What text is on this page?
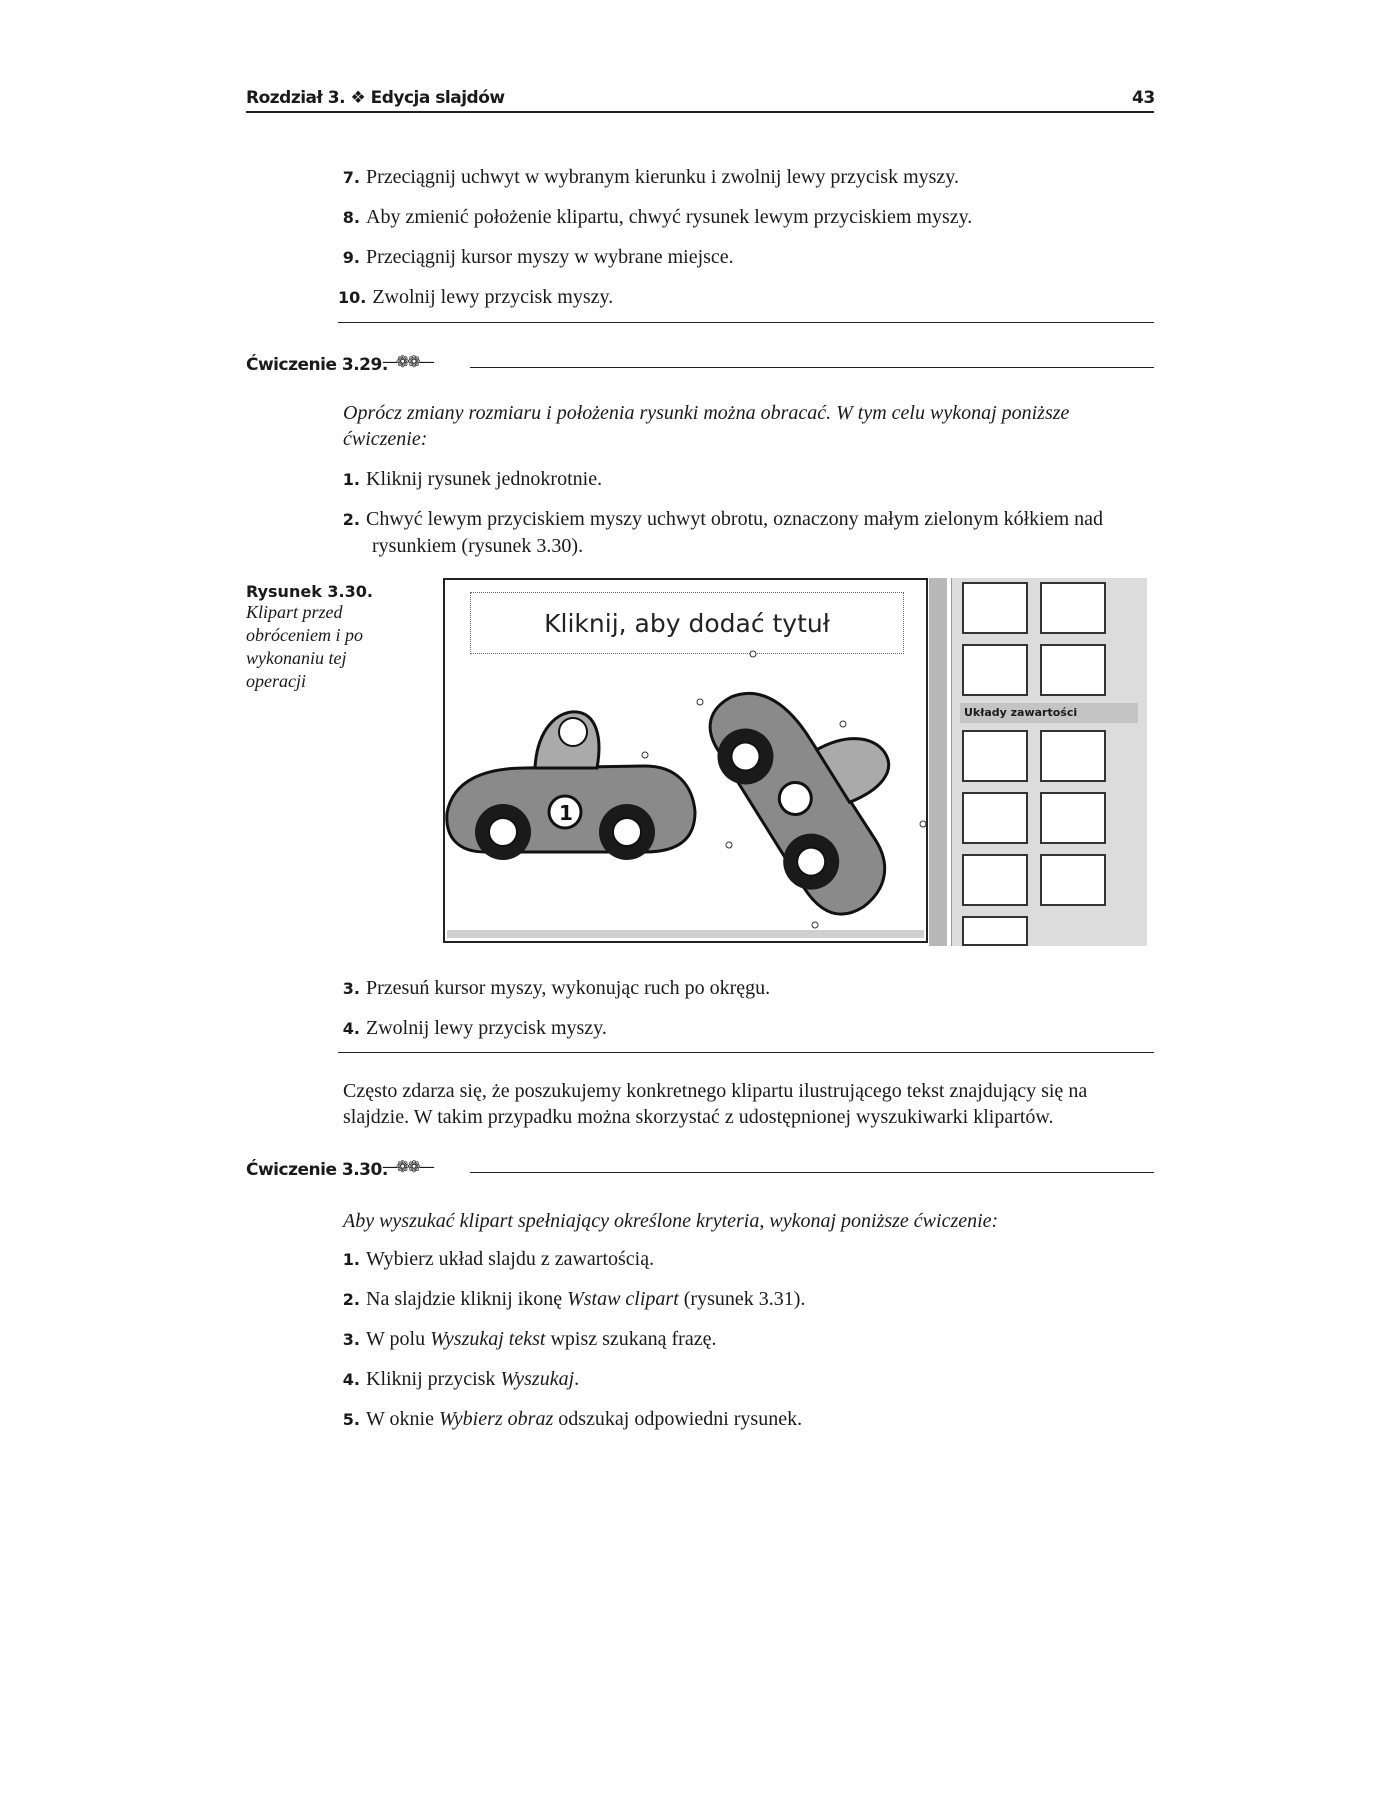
Rozdział 3. ❖ Edycja slajdów	43
7. Przeciągnij uchwyt w wybranym kierunku i zwolnij lewy przycisk myszy.
8. Aby zmienić położenie klipartu, chwyć rysunek lewym przyciskiem myszy.
9. Przeciągnij kursor myszy w wybrane miejsce.
10. Zwolnij lewy przycisk myszy.
Ćwiczenie 3.29.
—❁❁—
Oprócz zmiany rozmiaru i położenia rysunki można obracać. W tym celu wykonaj poniższe ćwiczenie:
1. Kliknij rysunek jednokrotnie.
2. Chwyć lewym przyciskiem myszy uchwyt obrotu, oznaczony małym zielonym kółkiem nad rysunkiem (rysunek 3.30).
Rysunek 3.30.
Klipart przed obróceniem i po wykonaniu tej operacji
Kliknij, aby dodać tytuł
1
Układy zawartości
3. Przesuń kursor myszy, wykonując ruch po okręgu.
4. Zwolnij lewy przycisk myszy.
Często zdarza się, że poszukujemy konkretnego klipartu ilustrującego tekst znajdujący się na slajdzie. W takim przypadku można skorzystać z udostępnionej wyszukiwarki klipartów.
Ćwiczenie 3.30.
—❁❁—
Aby wyszukać klipart spełniający określone kryteria, wykonaj poniższe ćwiczenie:
1. Wybierz układ slajdu z zawartością.
2. Na slajdzie kliknij ikonę Wstaw clipart (rysunek 3.31).
3. W polu Wyszukaj tekst wpisz szukaną frazę.
4. Kliknij przycisk Wyszukaj.
5. W oknie Wybierz obraz odszukaj odpowiedni rysunek.
